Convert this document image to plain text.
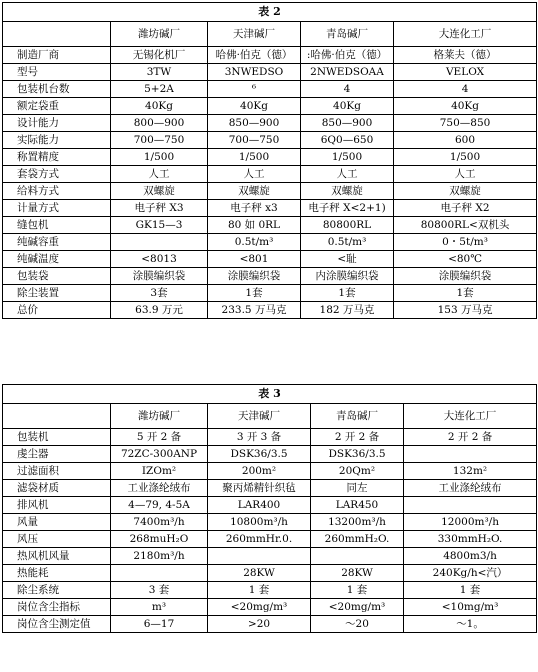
表 2				
	潍坊碱厂	天津碱厂	青岛碱厂	大连化工厂
制造厂商	无锡化机厂	哈佛·伯克（德）	:哈佛·伯克（德）	格莱夫（德）
型号	3TW	3NWEDSO	2NWEDSOAA	VELOX
包装机台数	5+2A	⁶	4	4
额定袋重	40Kg	40Kg	40Kg	40Kg
设计能力	800—900	850—900	850—900	750—850
实际能力	700—750	700—750	6Q0—650	600
称置精度	1/500	1/500	1/500	1/500
套袋方式	人工	人工	人工	人工
给料方式	双螺旋	双螺旋	双螺旋	双螺旋
计量方式	电子秤 X3	电子秤 x3	电子秤 X<2+1)	电子秤 X2
缝包机	GK15—3	80 如 0RL	80800RL	80800RL<双机头
纯碱容重		0.5t/m³	0.5t/m³	0・5t/m³
纯碱温度	<8013	<801	<耻	<80℃
包装袋	涂膜编织袋	涂膜编织袋	内涂膜编织袋	涂膜编织袋
除尘装置	3套	1套	1套	1套
总价	63.9 万元	233.5 万马克	182 万马克	153 万马克
表 3				
	潍坊碱厂	天津碱厂	青岛碱厂	大连化工厂
包装机	5 开 2 备	3 开 3 备	2 开 2 备	2 开 2 备
虔尘器	72ZC-300ANP	DSK36/3.5	DSK36/3.5	
过滤面积	IZOm²	200m²	20Qm²	132m²
滤袋材质	工业涤纶绒布	聚丙烯精针织毡	同左	工业涤纶绒布
排风机	4—79, 4-5A	LAR400	LAR450	
风量	7400m³/h	10800m³/h	13200m³/h	12000m³/h
风压	268muH₂O	260mmHr.0.	260mmH₂O.	330mmH₂O.
热风机风量	2180m³/h			4800m3/h
热能耗		28KW	28KW	240Kg/h<汽）
除尘系统	3 套	1 套	1 套	1 套
岗位含尘指标	m³	<20mg/m³	<20mg/m³	<10mg/m³
岗位含尘测定值	6—17	>20	～20	～1。
